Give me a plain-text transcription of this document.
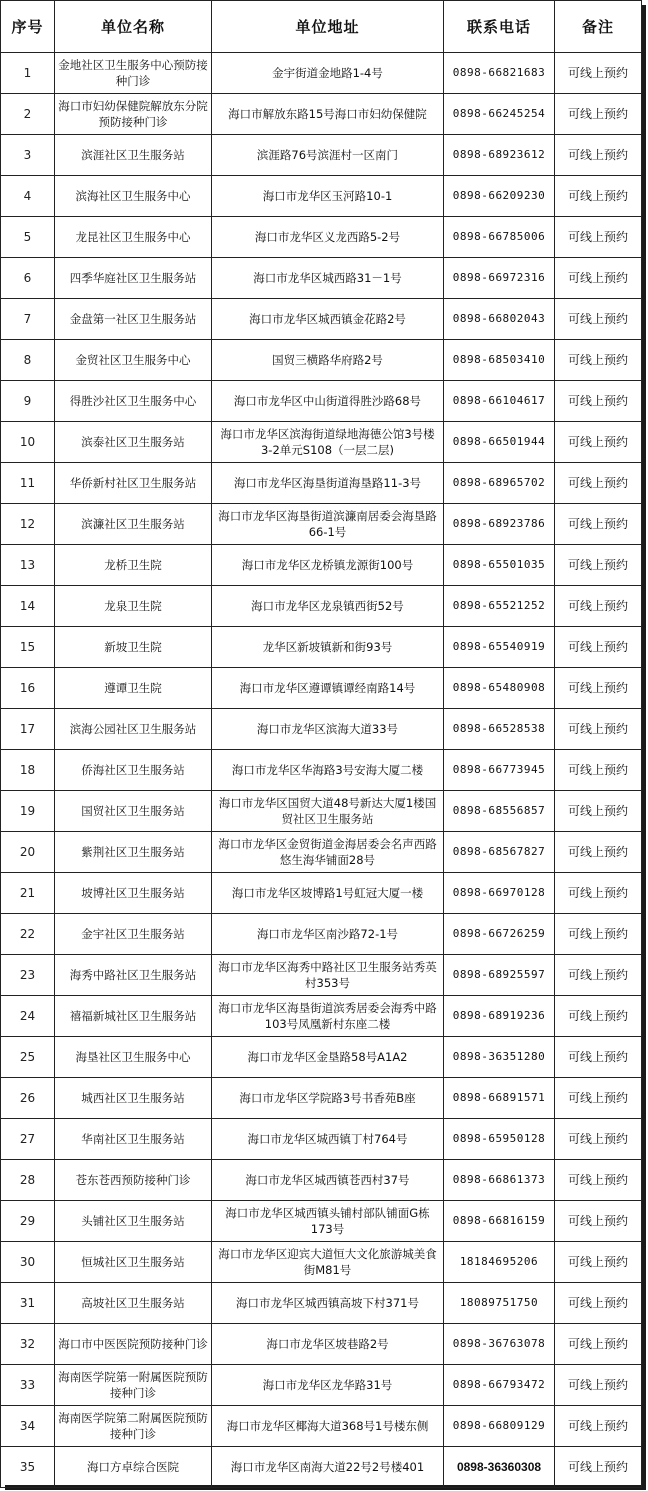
序号	单位名称	单位地址	联系电话	备注
1	金地社区卫生服务中心预防接种门诊	金宇街道金地路1-4号	0898-66821683	可线上预约
2	海口市妇幼保健院解放东分院预防接种门诊	海口市解放东路15号海口市妇幼保健院	0898-66245254	可线上预约
3	滨涯社区卫生服务站	滨涯路76号滨涯村一区南门	0898-68923612	可线上预约
4	滨海社区卫生服务中心	海口市龙华区玉河路10-1	0898-66209230	可线上预约
5	龙昆社区卫生服务中心	海口市龙华区义龙西路5-2号	0898-66785006	可线上预约
6	四季华庭社区卫生服务站	海口市龙华区城西路31－1号	0898-66972316	可线上预约
7	金盘第一社区卫生服务站	海口市龙华区城西镇金花路2号	0898-66802043	可线上预约
8	金贸社区卫生服务中心	国贸三横路华府路2号	0898-68503410	可线上预约
9	得胜沙社区卫生服务中心	海口市龙华区中山街道得胜沙路68号	0898-66104617	可线上预约
10	滨泰社区卫生服务站	海口市龙华区滨海街道绿地海德公馆3号楼3-2单元S108（一层二层)	0898-66501944	可线上预约
11	华侨新村社区卫生服务站	海口市龙华区海垦街道海垦路11-3号	0898-68965702	可线上预约
12	滨濂社区卫生服务站	海口市龙华区海垦街道滨濂南居委会海垦路66-1号	0898-68923786	可线上预约
13	龙桥卫生院	海口市龙华区龙桥镇龙源街100号	0898-65501035	可线上预约
14	龙泉卫生院	海口市龙华区龙泉镇西街52号	0898-65521252	可线上预约
15	新坡卫生院	龙华区新坡镇新和街93号	0898-65540919	可线上预约
16	遵谭卫生院	海口市龙华区遵谭镇谭经南路14号	0898-65480908	可线上预约
17	滨海公园社区卫生服务站	海口市龙华区滨海大道33号	0898-66528538	可线上预约
18	侨海社区卫生服务站	海口市龙华区华海路3号安海大厦二楼	0898-66773945	可线上预约
19	国贸社区卫生服务站	海口市龙华区国贸大道48号新达大厦1楼国贸社区卫生服务站	0898-68556857	可线上预约
20	紫荆社区卫生服务站	海口市龙华区金贸街道金海居委会名声西路悠生海华铺面28号	0898-68567827	可线上预约
21	坡博社区卫生服务站	海口市龙华区坡博路1号虹冠大厦一楼	0898-66970128	可线上预约
22	金宇社区卫生服务站	海口市龙华区南沙路72-1号	0898-66726259	可线上预约
23	海秀中路社区卫生服务站	海口市龙华区海秀中路社区卫生服务站秀英村353号	0898-68925597	可线上预约
24	禧福新城社区卫生服务站	海口市龙华区海垦街道滨秀居委会海秀中路103号凤凰新村东座二楼	0898-68919236	可线上预约
25	海垦社区卫生服务中心	海口市龙华区金垦路58号A1A2	0898-36351280	可线上预约
26	城西社区卫生服务站	海口市龙华区学院路3号书香苑B座	0898-66891571	可线上预约
27	华南社区卫生服务站	海口市龙华区城西镇丁村764号	0898-65950128	可线上预约
28	苍东苍西预防接种门诊	海口市龙华区城西镇苍西村37号	0898-66861373	可线上预约
29	头铺社区卫生服务站	海口市龙华区城西镇头铺村部队铺面G栋173号	0898-66816159	可线上预约
30	恒城社区卫生服务站	海口市龙华区迎宾大道恒大文化旅游城美食街M81号	18184695206	可线上预约
31	高坡社区卫生服务站	海口市龙华区城西镇高坡下村371号	18089751750	可线上预约
32	海口市中医医院预防接种门诊	海口市龙华区坡巷路2号	0898-36763078	可线上预约
33	海南医学院第一附属医院预防接种门诊	海口市龙华区龙华路31号	0898-66793472	可线上预约
34	海南医学院第二附属医院预防接种门诊	海口市龙华区椰海大道368号1号楼东侧	0898-66809129	可线上预约
35	海口方卓综合医院	海口市龙华区南海大道22号2号楼401	0898-36360308	可线上预约
